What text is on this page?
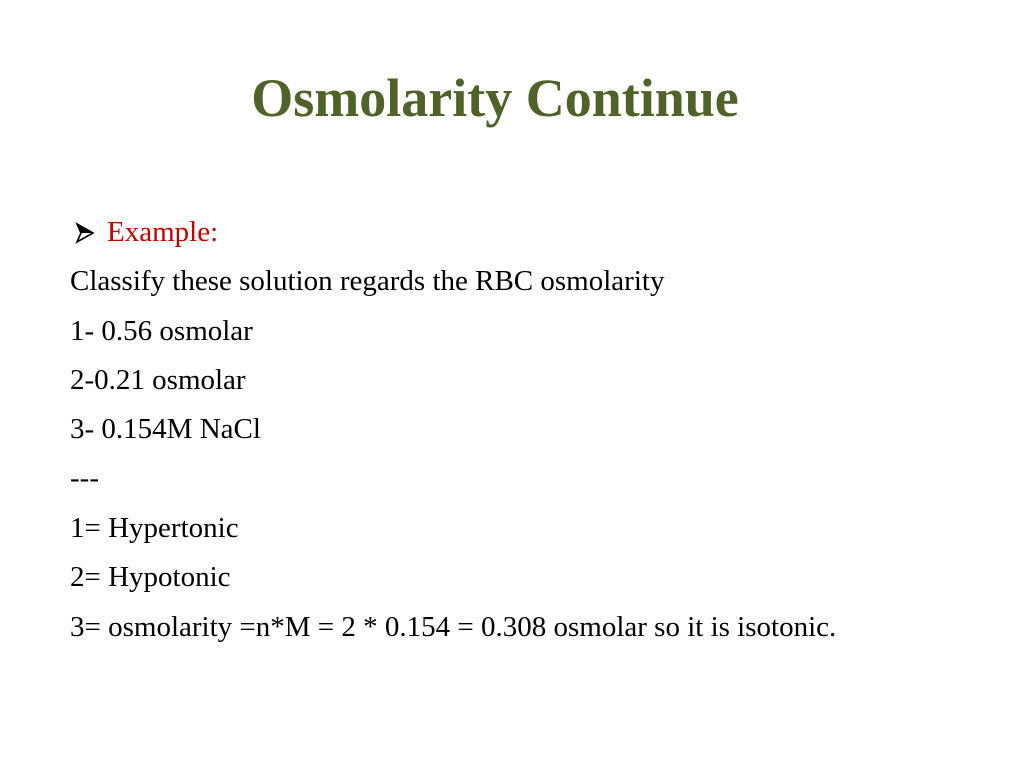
Osmolarity Continue
Example:
Classify these solution regards the RBC osmolarity
1- 0.56 osmolar
2-0.21 osmolar
3- 0.154M NaCl
---
1= Hypertonic
2= Hypotonic
3= osmolarity =n*M = 2 * 0.154 = 0.308 osmolar so it is isotonic.
